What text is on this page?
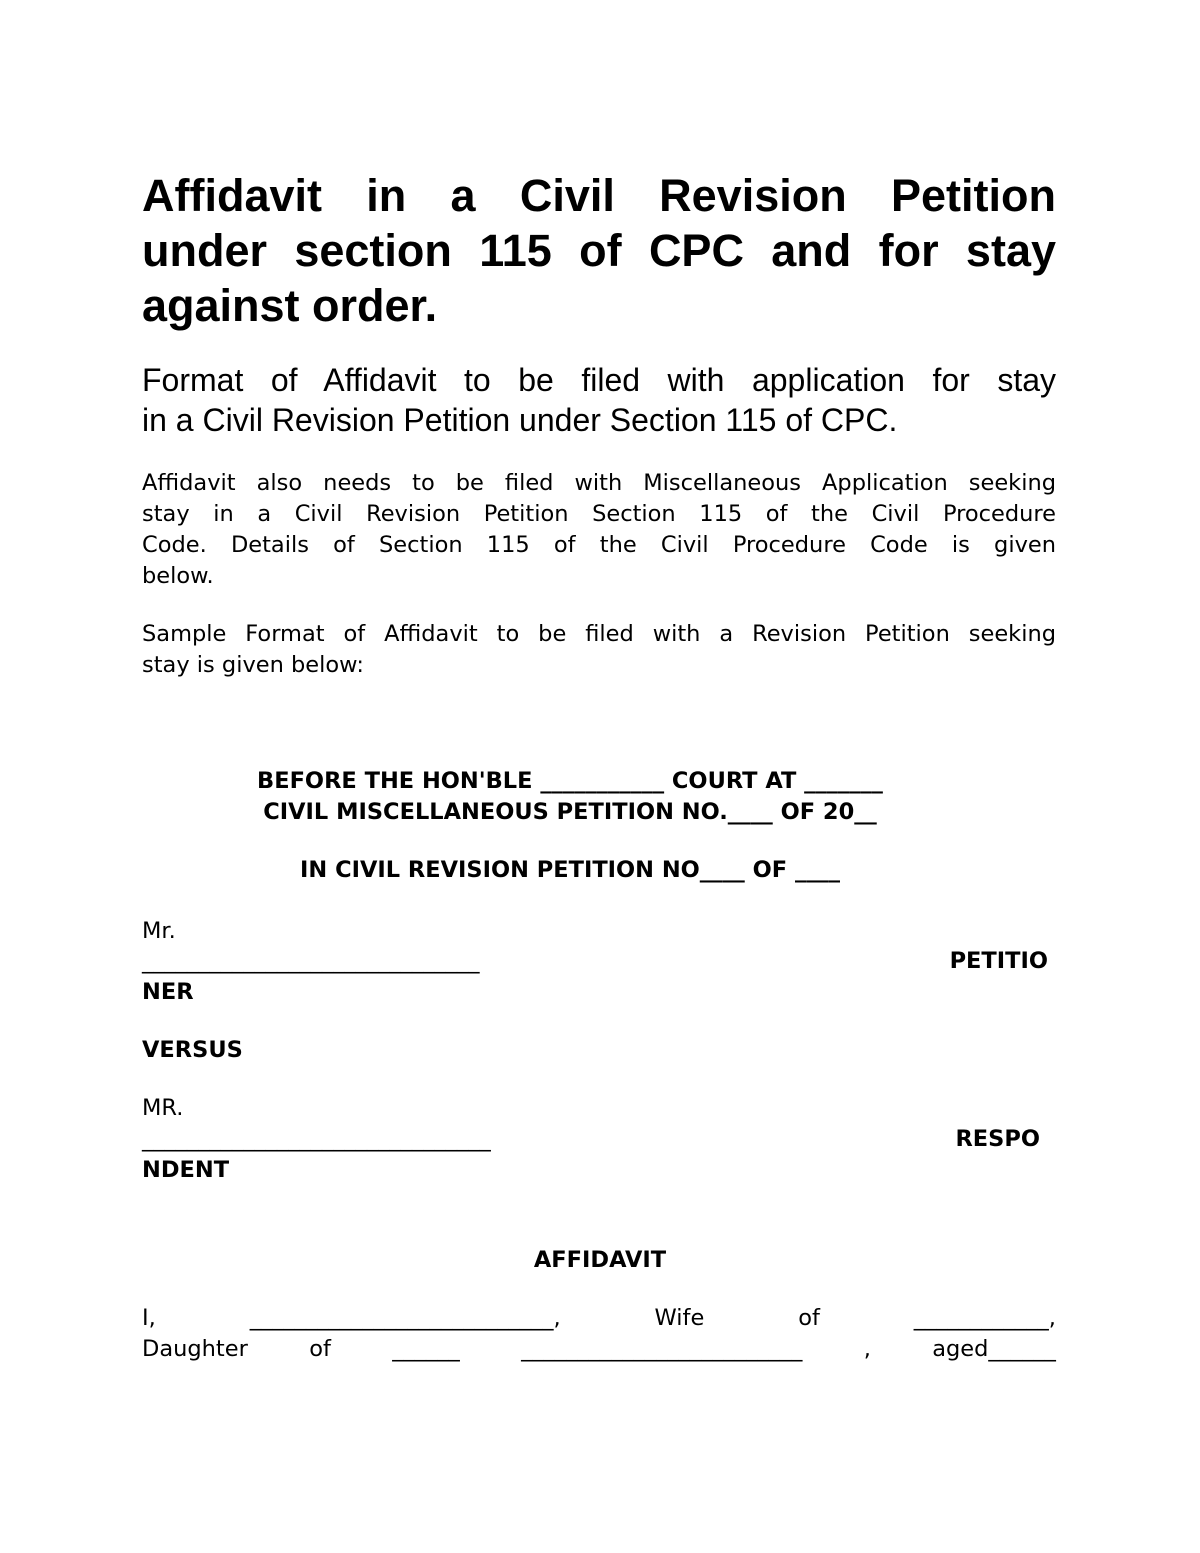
Affidavit in a Civil Revision Petition
under section 115 of CPC and for stay
against order.
Format of Affidavit to be filed with application for stay
in a Civil Revision Petition under Section 115 of CPC.
Affidavit also needs to be filed with Miscellaneous Application seeking
stay in a Civil Revision Petition Section 115 of the Civil Procedure
Code. Details of Section 115 of the Civil Procedure Code is given
below.
Sample Format of Affidavit to be filed with a Revision Petition seeking
stay is given below:
BEFORE THE HON'BLE ___________ COURT AT _______
CIVIL MISCELLANEOUS PETITION NO.____ OF 20__
IN CIVIL REVISION PETITION NO____ OF ____
Mr.
______________________________	PETITIO
NER
VERSUS
MR.
_______________________________	RESPO
NDENT
AFFIDAVIT
I,	___________________________,	Wife	of	____________,
Daughter	of	______	_________________________	,	aged______
